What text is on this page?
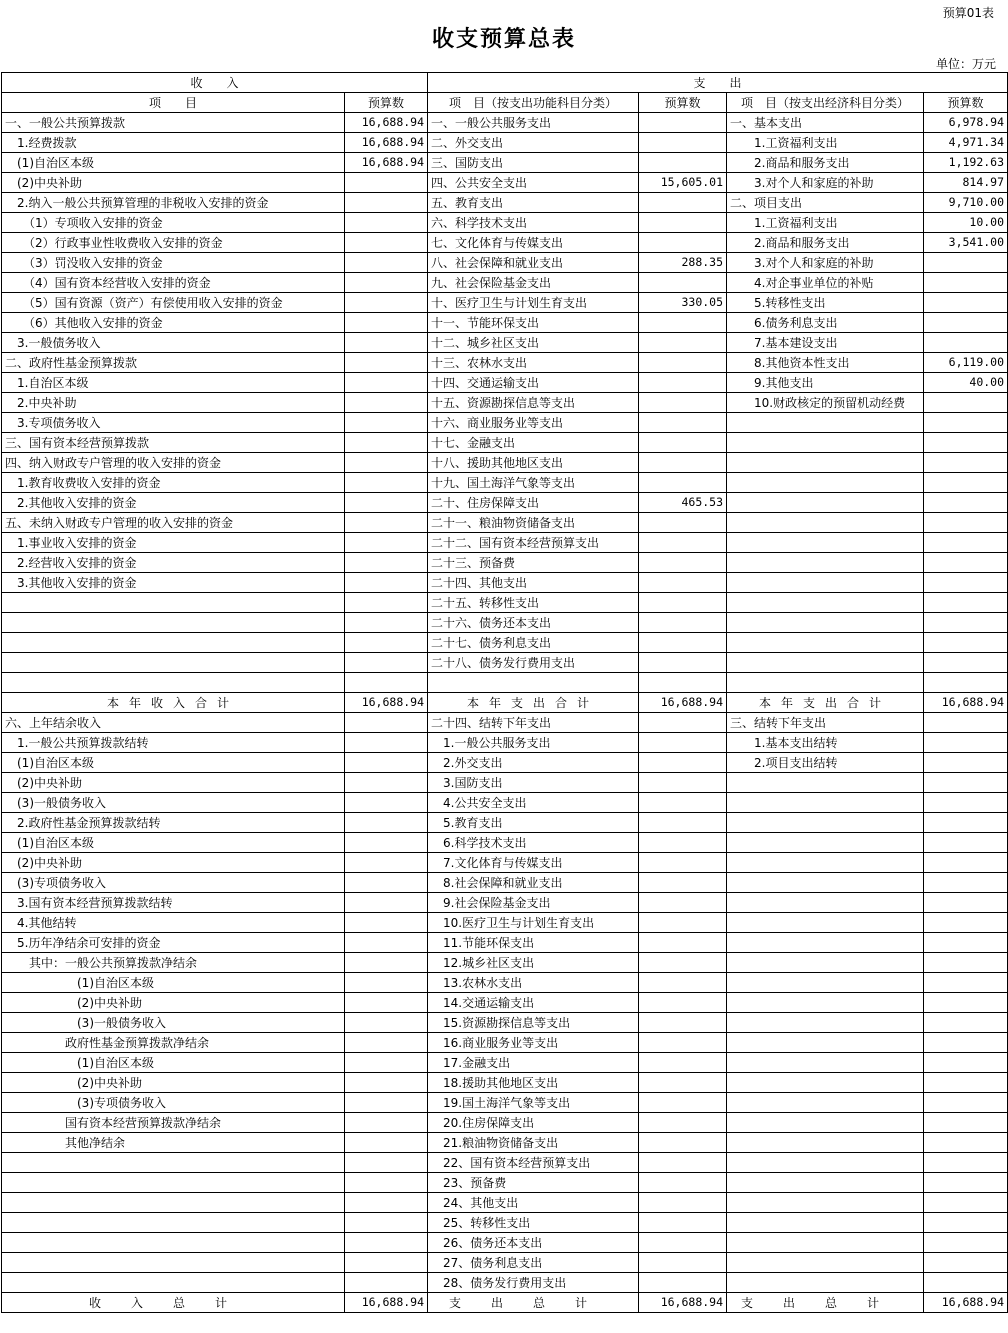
预算01表
收支预算总表
单位：万元
收　　入		支　　出			
项　　目	预算数	项　目（按支出功能科目分类）	预算数	项　目（按支出经济科目分类）	预算数
一、一般公共预算拨款	16,688.94	一、一般公共服务支出		一、基本支出	6,978.94
　1.经费拨款	16,688.94	二、外交支出		　　1.工资福利支出	4,971.34
　(1)自治区本级	16,688.94	三、国防支出		　　2.商品和服务支出	1,192.63
　(2)中央补助		四、公共安全支出	15,605.01	　　3.对个人和家庭的补助	814.97
　2.纳入一般公共预算管理的非税收入安排的资金		五、教育支出		二、项目支出	9,710.00
　　（1）专项收入安排的资金		六、科学技术支出		　　1.工资福利支出	10.00
　　（2）行政事业性收费收入安排的资金		七、文化体育与传媒支出		　　2.商品和服务支出	3,541.00
　　（3）罚没收入安排的资金		八、社会保障和就业支出	288.35	　　3.对个人和家庭的补助	
　　（4）国有资本经营收入安排的资金		九、社会保险基金支出		　　4.对企事业单位的补贴	
　　（5）国有资源（资产）有偿使用收入安排的资金		十、医疗卫生与计划生育支出	330.05	　　5.转移性支出	
　　（6）其他收入安排的资金		十一、节能环保支出		　　6.债务利息支出	
　3.一般债务收入		十二、城乡社区支出		　　7.基本建设支出	
二、政府性基金预算拨款		十三、农林水支出		　　8.其他资本性支出	6,119.00
　1.自治区本级		十四、交通运输支出		　　9.其他支出	40.00
　2.中央补助		十五、资源勘探信息等支出		　　10.财政核定的预留机动经费	
　3.专项债务收入		十六、商业服务业等支出			
三、国有资本经营预算拨款		十七、金融支出			
四、纳入财政专户管理的收入安排的资金		十八、援助其他地区支出			
　1.教育收费收入安排的资金		十九、国土海洋气象等支出			
　2.其他收入安排的资金		二十、住房保障支出	465.53		
五、未纳入财政专户管理的收入安排的资金		二十一、粮油物资储备支出			
　1.事业收入安排的资金		二十二、国有资本经营预算支出			
　2.经营收入安排的资金		二十三、预备费			
　3.其他收入安排的资金		二十四、其他支出			
		二十五、转移性支出			
		二十六、债务还本支出			
		二十七、债务利息支出			
		二十八、债务发行费用支出			

本年收入合计	16,688.94	本年支出合计	16,688.94	本年支出合计	16,688.94
六、上年结余收入		二十四、结转下年支出		三、结转下年支出	
　1.一般公共预算拨款结转		　1.一般公共服务支出		　　1.基本支出结转	
　(1)自治区本级		　2.外交支出		　　2.项目支出结转	
　(2)中央补助		　3.国防支出			
　(3)一般债务收入		　4.公共安全支出			
　2.政府性基金预算拨款结转		　5.教育支出			
　(1)自治区本级		　6.科学技术支出			
　(2)中央补助		　7.文化体育与传媒支出			
　(3)专项债务收入		　8.社会保障和就业支出			
　3.国有资本经营预算拨款结转		　9.社会保险基金支出			
　4.其他结转		　10.医疗卫生与计划生育支出			
　5.历年净结余可安排的资金		　11.节能环保支出			
　　其中：一般公共预算拨款净结余		　12.城乡社区支出			
　　　　　　(1)自治区本级		　13.农林水支出			
　　　　　　(2)中央补助		　14.交通运输支出			
　　　　　　(3)一般债务收入		　15.资源勘探信息等支出			
　　　　　政府性基金预算拨款净结余		　16.商业服务业等支出			
　　　　　　(1)自治区本级		　17.金融支出			
　　　　　　(2)中央补助		　18.援助其他地区支出			
　　　　　　(3)专项债务收入		　19.国土海洋气象等支出			
　　　　　国有资本经营预算拨款净结余		　20.住房保障支出			
　　　　　其他净结余		　21.粮油物资储备支出			
		　22、国有资本经营预算支出			
		　23、预备费			
		　24、其他支出			
		　25、转移性支出			
		　26、债务还本支出			
		　27、债务利息支出			
		　28、债务发行费用支出			
收入总计	16,688.94	支出总计	16,688.94	支出总计	16,688.94
